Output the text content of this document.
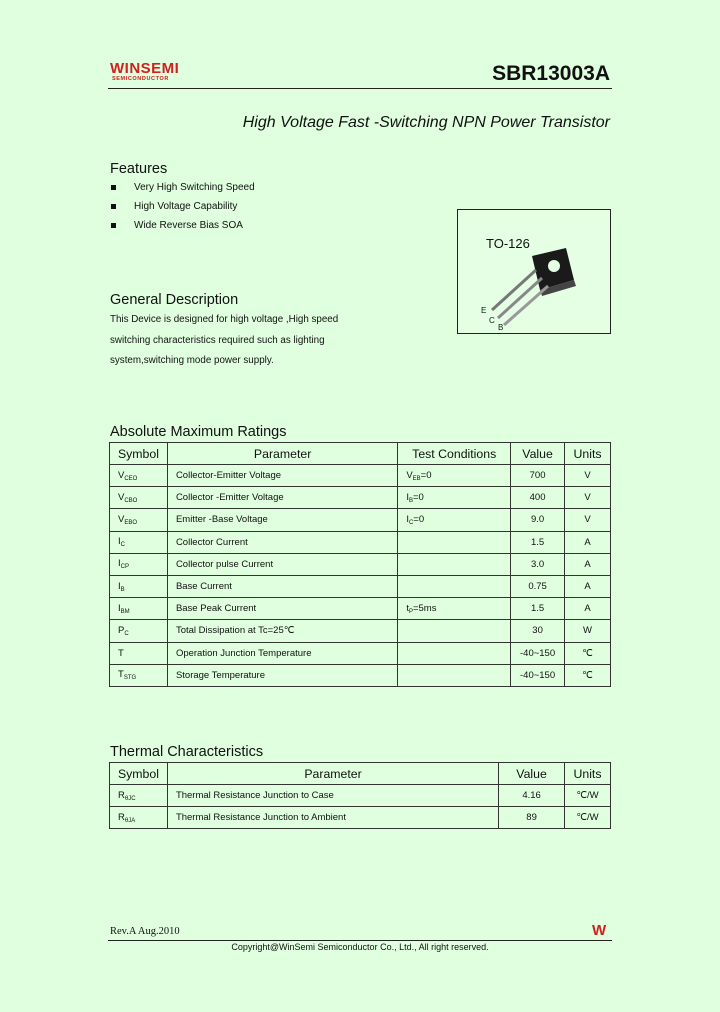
WINSEMI
SEMICONDUCTOR	SBR13003A
High Voltage Fast -Switching NPN Power Transistor
Features
Very High Switching Speed
High Voltage Capability
Wide Reverse Bias SOA
TO-126
E
C
B
General Description
This Device is designed for high voltage ,High speed switching characteristics required such as lighting system,switching mode power supply.
Absolute Maximum Ratings
Symbol	Parameter	Test Conditions	Value	Units
$V_{CEO}$	Collector-Emitter Voltage	$V_{EB}=0$	700	V
$V_{CBO}$	Collector -Emitter Voltage	$I_B=0$	400	V
$V_{EBO}$	Emitter -Base Voltage	$I_C=0$	9.0	V
$I_C$	Collector Current		1.5	A
$I_{CP}$	Collector pulse Current		3.0	A
$I_B$	Base Current		0.75	A
$I_{BM}$	Base Peak Current	$t_P=5ms$	1.5	A
$P_C$	Total Dissipation at Tc=25℃		30	W
T	Operation Junction Temperature		-40~150	℃
$T_{STG}$	Storage Temperature		-40~150	℃
Thermal Characteristics
Symbol	Parameter	Value	Units
$R_{\theta JC}$	Thermal Resistance Junction to Case	4.16	℃/W
$R_{\theta JA}$	Thermal Resistance Junction to Ambient	89	℃/W
Rev.A Aug.2010	W
Copyright@WinSemi Semiconductor Co., Ltd., All right reserved.
